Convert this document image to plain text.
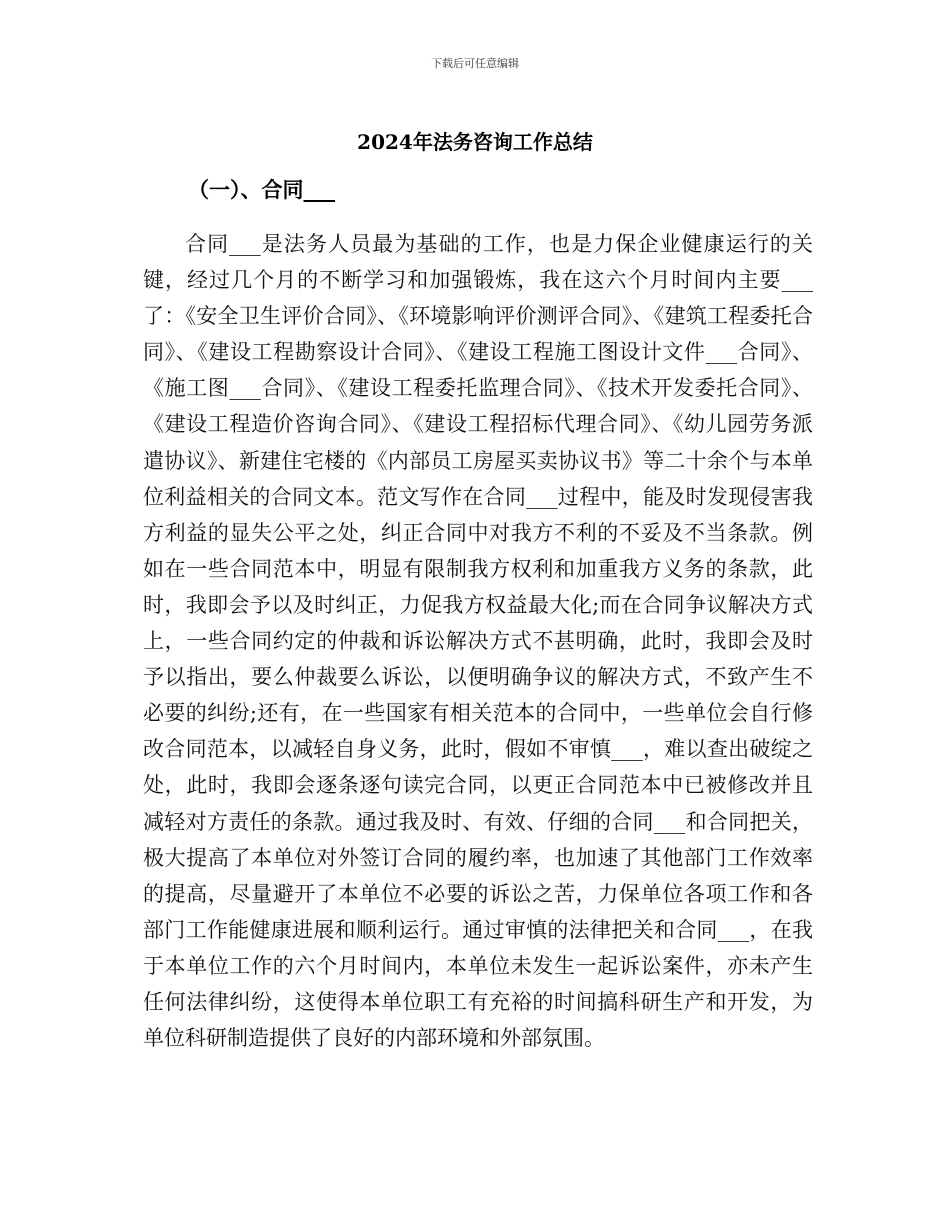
下载后可任意编辑
2024年法务咨询工作总结
（一）、合同___

合同___是法务人员最为基础的工作，也是力保企业健康运行的关键，经过几个月的不断学习和加强锻炼，我在这六个月时间内主要___了：《安全卫生评价合同》、《环境影响评价测评合同》、《建筑工程委托合同》、《建设工程勘察设计合同》、《建设工程施工图设计文件___合同》、《施工图___合同》、《建设工程委托监理合同》、《技术开发委托合同》、《建设工程造价咨询合同》、《建设工程招标代理合同》、《幼儿园劳务派遣协议》、新建住宅楼的《内部员工房屋买卖协议书》等二十余个与本单位利益相关的合同文本。范文写作在合同___过程中，能及时发现侵害我方利益的显失公平之处，纠正合同中对我方不利的不妥及不当条款。例如在一些合同范本中，明显有限制我方权利和加重我方义务的条款，此时，我即会予以及时纠正，力促我方权益最大化;而在合同争议解决方式上，一些合同约定的仲裁和诉讼解决方式不甚明确，此时，我即会及时予以指出，要么仲裁要么诉讼，以便明确争议的解决方式，不致产生不必要的纠纷;还有，在一些国家有相关范本的合同中，一些单位会自行修改合同范本，以减轻自身义务，此时，假如不审慎___，难以查出破绽之处，此时，我即会逐条逐句读完合同，以更正合同范本中已被修改并且减轻对方责任的条款。通过我及时、有效、仔细的合同___和合同把关，极大提高了本单位对外签订合同的履约率，也加速了其他部门工作效率的提高，尽量避开了本单位不必要的诉讼之苦，力保单位各项工作和各部门工作能健康进展和顺利运行。通过审慎的法律把关和合同___，在我于本单位工作的六个月时间内，本单位未发生一起诉讼案件，亦未产生任何法律纠纷，这使得本单位职工有充裕的时间搞科研生产和开发，为单位科研制造提供了良好的内部环境和外部氛围。
